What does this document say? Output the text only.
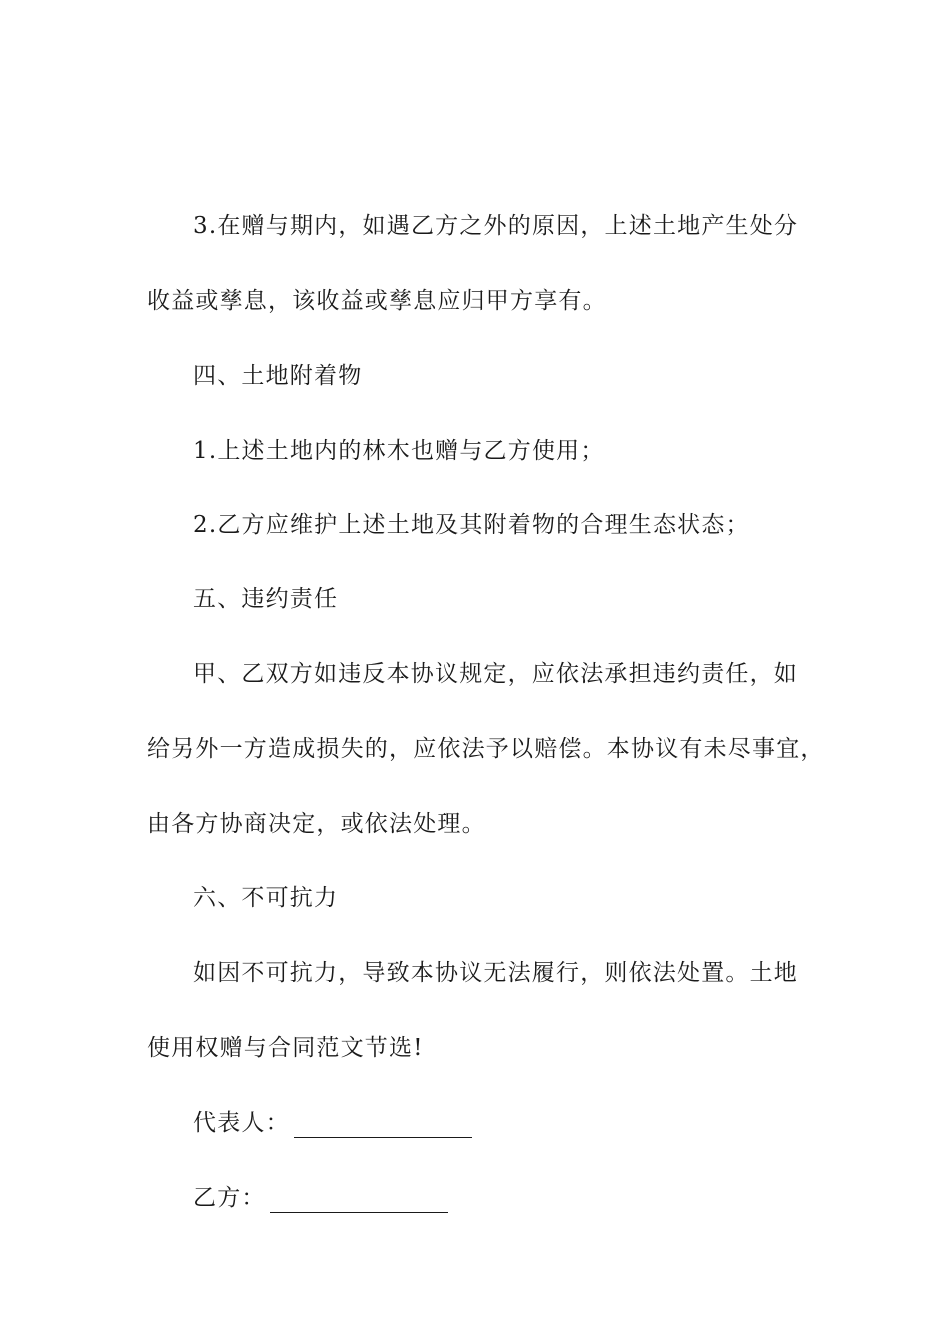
3.在赠与期内，如遇乙方之外的原因，上述土地产生处分
收益或孳息，该收益或孳息应归甲方享有。
四、土地附着物
1.上述土地内的林木也赠与乙方使用；
2.乙方应维护上述土地及其附着物的合理生态状态；
五、违约责任
甲、乙双方如违反本协议规定，应依法承担违约责任，如
给另外一方造成损失的，应依法予以赔偿。本协议有未尽事宜，
由各方协商决定，或依法处理。
六、不可抗力
如因不可抗力，导致本协议无法履行，则依法处置。土地
使用权赠与合同范文节选!
代表人：
乙方：
